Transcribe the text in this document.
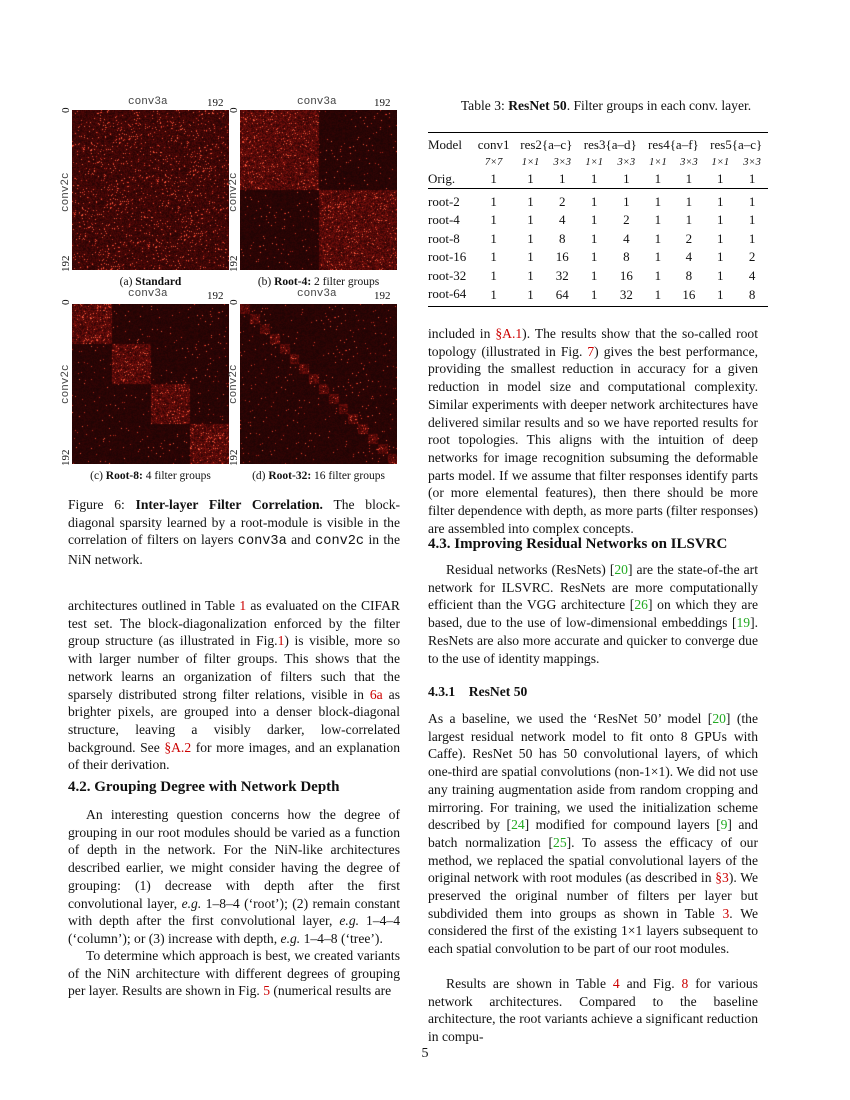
conv3a	192
0
conv2c
192
(a) Standard
conv3a	192
0
conv2c
192
(b) Root-4: 2 filter groups
conv3a	192
0
conv2c
192
(c) Root-8: 4 filter groups
conv3a	192
0
conv2c
192
(d) Root-32: 16 filter groups

Figure 6: Inter-layer Filter Correlation. The block-diagonal sparsity learned by a root-module is visible in the correlation of filters on layers conv3a and conv2c in the NiN network.

architectures outlined in Table 1 as evaluated on the CIFAR test set. The block-diagonalization enforced by the filter group structure (as illustrated in Fig.1) is visible, more so with larger number of filter groups. This shows that the network learns an organization of filters such that the sparsely distributed strong filter relations, visible in 6a as brighter pixels, are grouped into a denser block-diagonal structure, leaving a visibly darker, low-correlated background. See §A.2 for more images, and an explanation of their derivation.

4.2. Grouping Degree with Network Depth

An interesting question concerns how the degree of grouping in our root modules should be varied as a function of depth in the network. For the NiN-like architectures described earlier, we might consider having the degree of grouping: (1) decrease with depth after the first convolutional layer, e.g. 1–8–4 (‘root’); (2) remain constant with depth after the first convolutional layer, e.g. 1–4–4 (‘column’); or (3) increase with depth, e.g. 1–4–8 (‘tree’).

To determine which approach is best, we created variants of the NiN architecture with different degrees of grouping per layer. Results are shown in Fig. 5 (numerical results are

Table 3: ResNet 50. Filter groups in each conv. layer.
Model	conv1	res2{a–c}		res3{a–d}		res4{a–f}		res5{a–c}	
	7×7	1×1	3×3	1×1	3×3	1×1	3×3	1×1	3×3
Orig.	1	1	1	1	1	1	1	1	1

root-2	1	1	2	1	1	1	1	1	1
root-4	1	1	4	1	2	1	1	1	1
root-8	1	1	8	1	4	1	2	1	1
root-16	1	1	16	1	8	1	4	1	2
root-32	1	1	32	1	16	1	8	1	4
root-64	1	1	64	1	32	1	16	1	8

included in §A.1). The results show that the so-called root topology (illustrated in Fig. 7) gives the best performance, providing the smallest reduction in accuracy for a given reduction in model size and computational complexity. Similar experiments with deeper network architectures have delivered similar results and so we have reported results for root topologies. This aligns with the intuition of deep networks for image recognition subsuming the deformable parts model. If we assume that filter responses identify parts (or more elemental features), then there should be more filter dependence with depth, as more parts (filter responses) are assembled into complex concepts.

4.3. Improving Residual Networks on ILSVRC

Residual networks (ResNets) [20] are the state-of-the art network for ILSVRC. ResNets are more computationally efficient than the VGG architecture [26] on which they are based, due to the use of low-dimensional embeddings [19]. ResNets are also more accurate and quicker to converge due to the use of identity mappings.

4.3.1 ResNet 50

As a baseline, we used the ‘ResNet 50’ model [20] (the largest residual network model to fit onto 8 GPUs with Caffe). ResNet 50 has 50 convolutional layers, of which one-third are spatial convolutions (non-1×1). We did not use any training augmentation aside from random cropping and mirroring. For training, we used the initialization scheme described by [24] modified for compound layers [9] and batch normalization [25]. To assess the efficacy of our method, we replaced the spatial convolutional layers of the original network with root modules (as described in §3). We preserved the original number of filters per layer but subdivided them into groups as shown in Table 3. We considered the first of the existing 1×1 layers subsequent to each spatial convolution to be part of our root modules.

Results are shown in Table 4 and Fig. 8 for various network architectures. Compared to the baseline architecture, the root variants achieve a significant reduction in compu-

5
